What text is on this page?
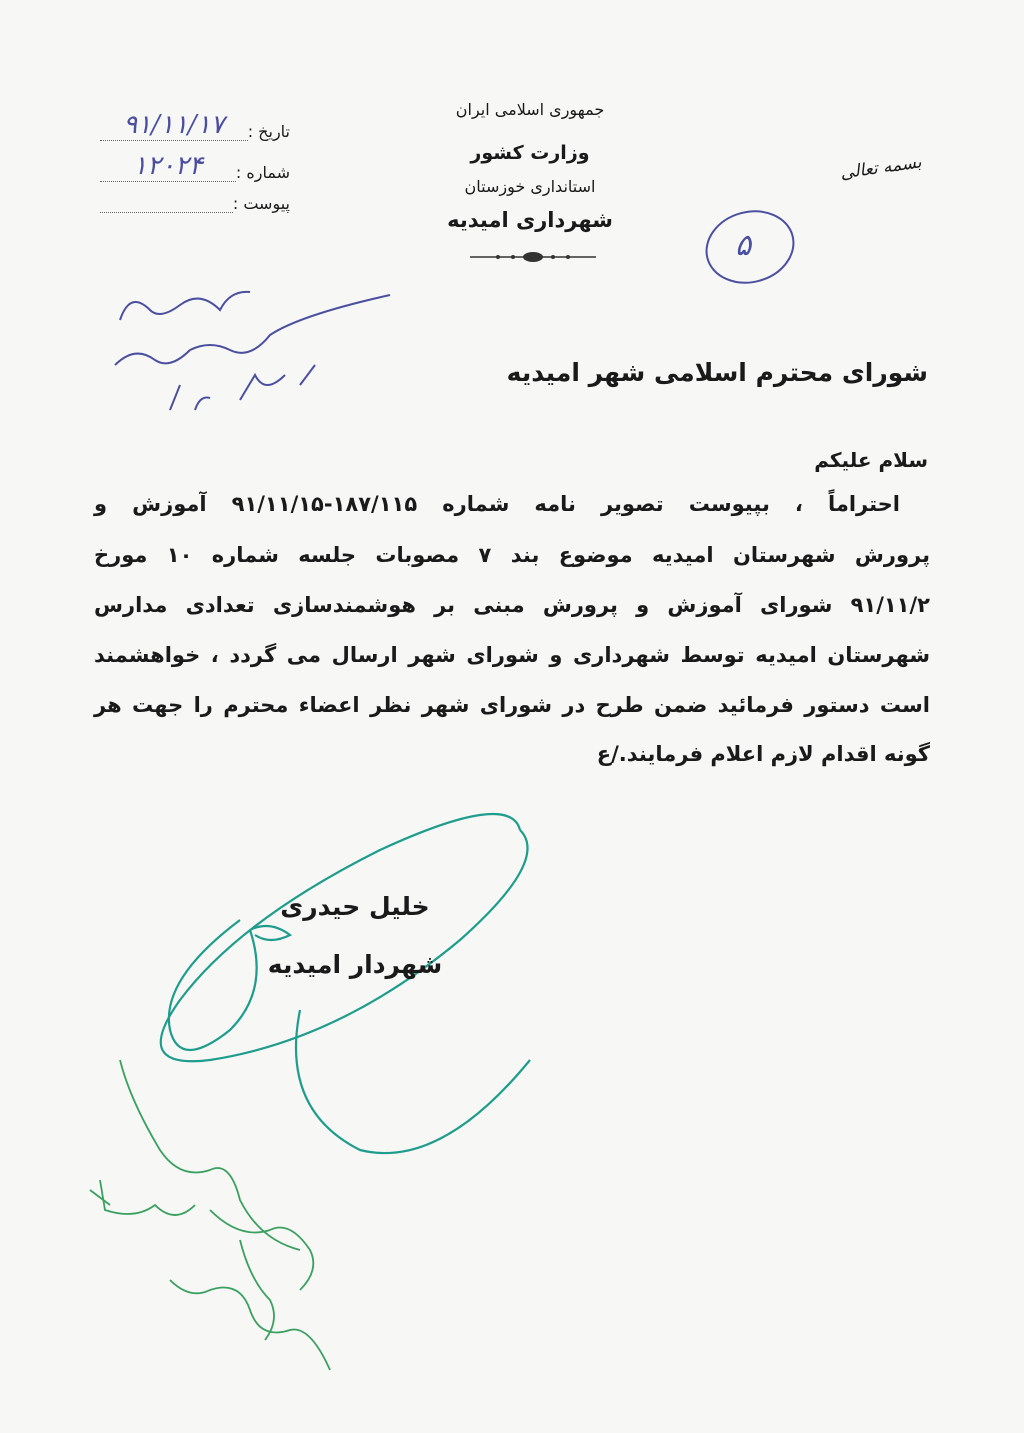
جمهوری اسلامی ایران
وزارت کشور
استانداری خوزستان
شهرداری امیدیه
بسمه تعالی
تاریخ :
۹۱/۱۱/۱۷
شماره :
۱۲۰۲۴
پیوست :
۵
شورای محترم اسلامی شهر امیدیه
سلام علیکم
احتراماً ، بپیوست تصویر نامه شماره ۱۸۷/۱۱۵-۹۱/۱۱/۱۵ آموزش و
پرورش شهرستان امیدیه موضوع بند ۷ مصوبات جلسه شماره ۱۰ مورخ
۹۱/۱۱/۲ شورای آموزش و پرورش مبنی بر هوشمندسازی تعدادی مدارس
شهرستان امیدیه توسط شهرداری و شورای شهر ارسال می گردد ، خواهشمند
است دستور فرمائید ضمن طرح در شورای شهر نظر اعضاء محترم را جهت هر
گونه اقدام لازم اعلام فرمایند./ع
خلیل حیدری
شهردار امیدیه
